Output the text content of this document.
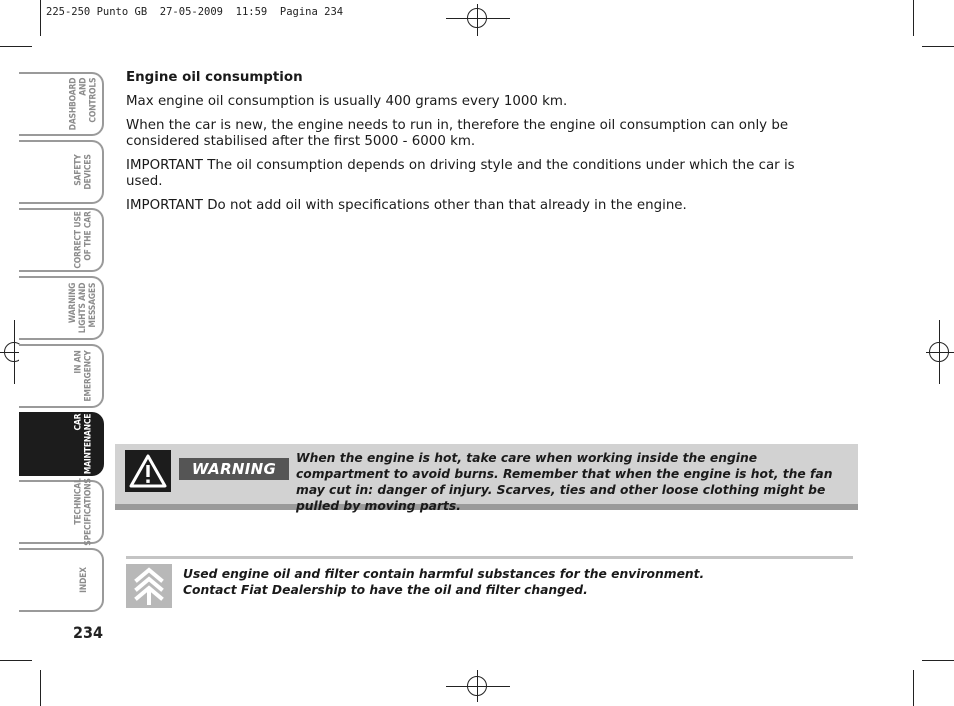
225-250 Punto GB  27-05-2009  11:59  Pagina 234
DASHBOARD
AND
CONTROLS
SAFETY
DEVICES
CORRECT USE
OF THE CAR
WARNING
LIGHTS AND
MESSAGES
IN AN
EMERGENCY
CAR
MAINTENANCE
TECHNICAL
SPECIFICATIONS
INDEX
234
Engine oil consumption

Max engine oil consumption is usually 400 grams every 1000 km.

When the car is new, the engine needs to run in, therefore the engine oil consumption can only be considered stabilised after the first 5000 - 6000 km.

IMPORTANT The oil consumption depends on driving style and the conditions under which the car is used.

IMPORTANT Do not add oil with specifications other than that already in the engine.

WARNING
When the engine is hot, take care when working inside the engine compartment to avoid burns. Remember that when the engine is hot, the fan may cut in: danger of injury. Scarves, ties and other loose clothing might be pulled by moving parts.
Used engine oil and filter contain harmful substances for the environment.
Contact Fiat Dealership to have the oil and filter changed.
